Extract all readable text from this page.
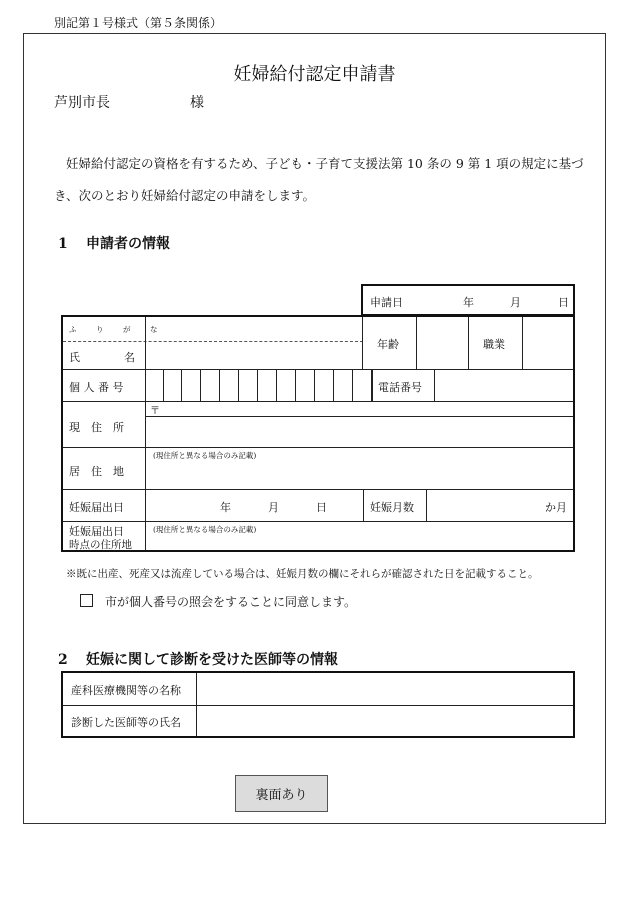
別記第１号様式（第５条関係）
妊婦給付認定申請書
芦別市長	様
妊婦給付認定の資格を有するため、子ども・子育て支援法第 10 条の 9 第 1 項の規定に基づき、次のとおり妊婦給付認定の申請をします。
1 申請者の情報
申請日	年	月	日
ふ　り　が　な
氏　　　　名
年齢	職業
個 人 番 号	電話番号
〒
現　住　所
(現住所と異なる場合のみ記載)
居　住　地
妊娠届出日	年	月	日	妊娠月数	か月
妊娠届出日
時点の住所地
(現住所と異なる場合のみ記載)
※既に出産、死産又は流産している場合は、妊娠月数の欄にそれらが確認された日を記載すること。
市が個人番号の照会をすることに同意します。
2 妊娠に関して診断を受けた医師等の情報
産科医療機関等の名称
診断した医師等の氏名
裏面あり
